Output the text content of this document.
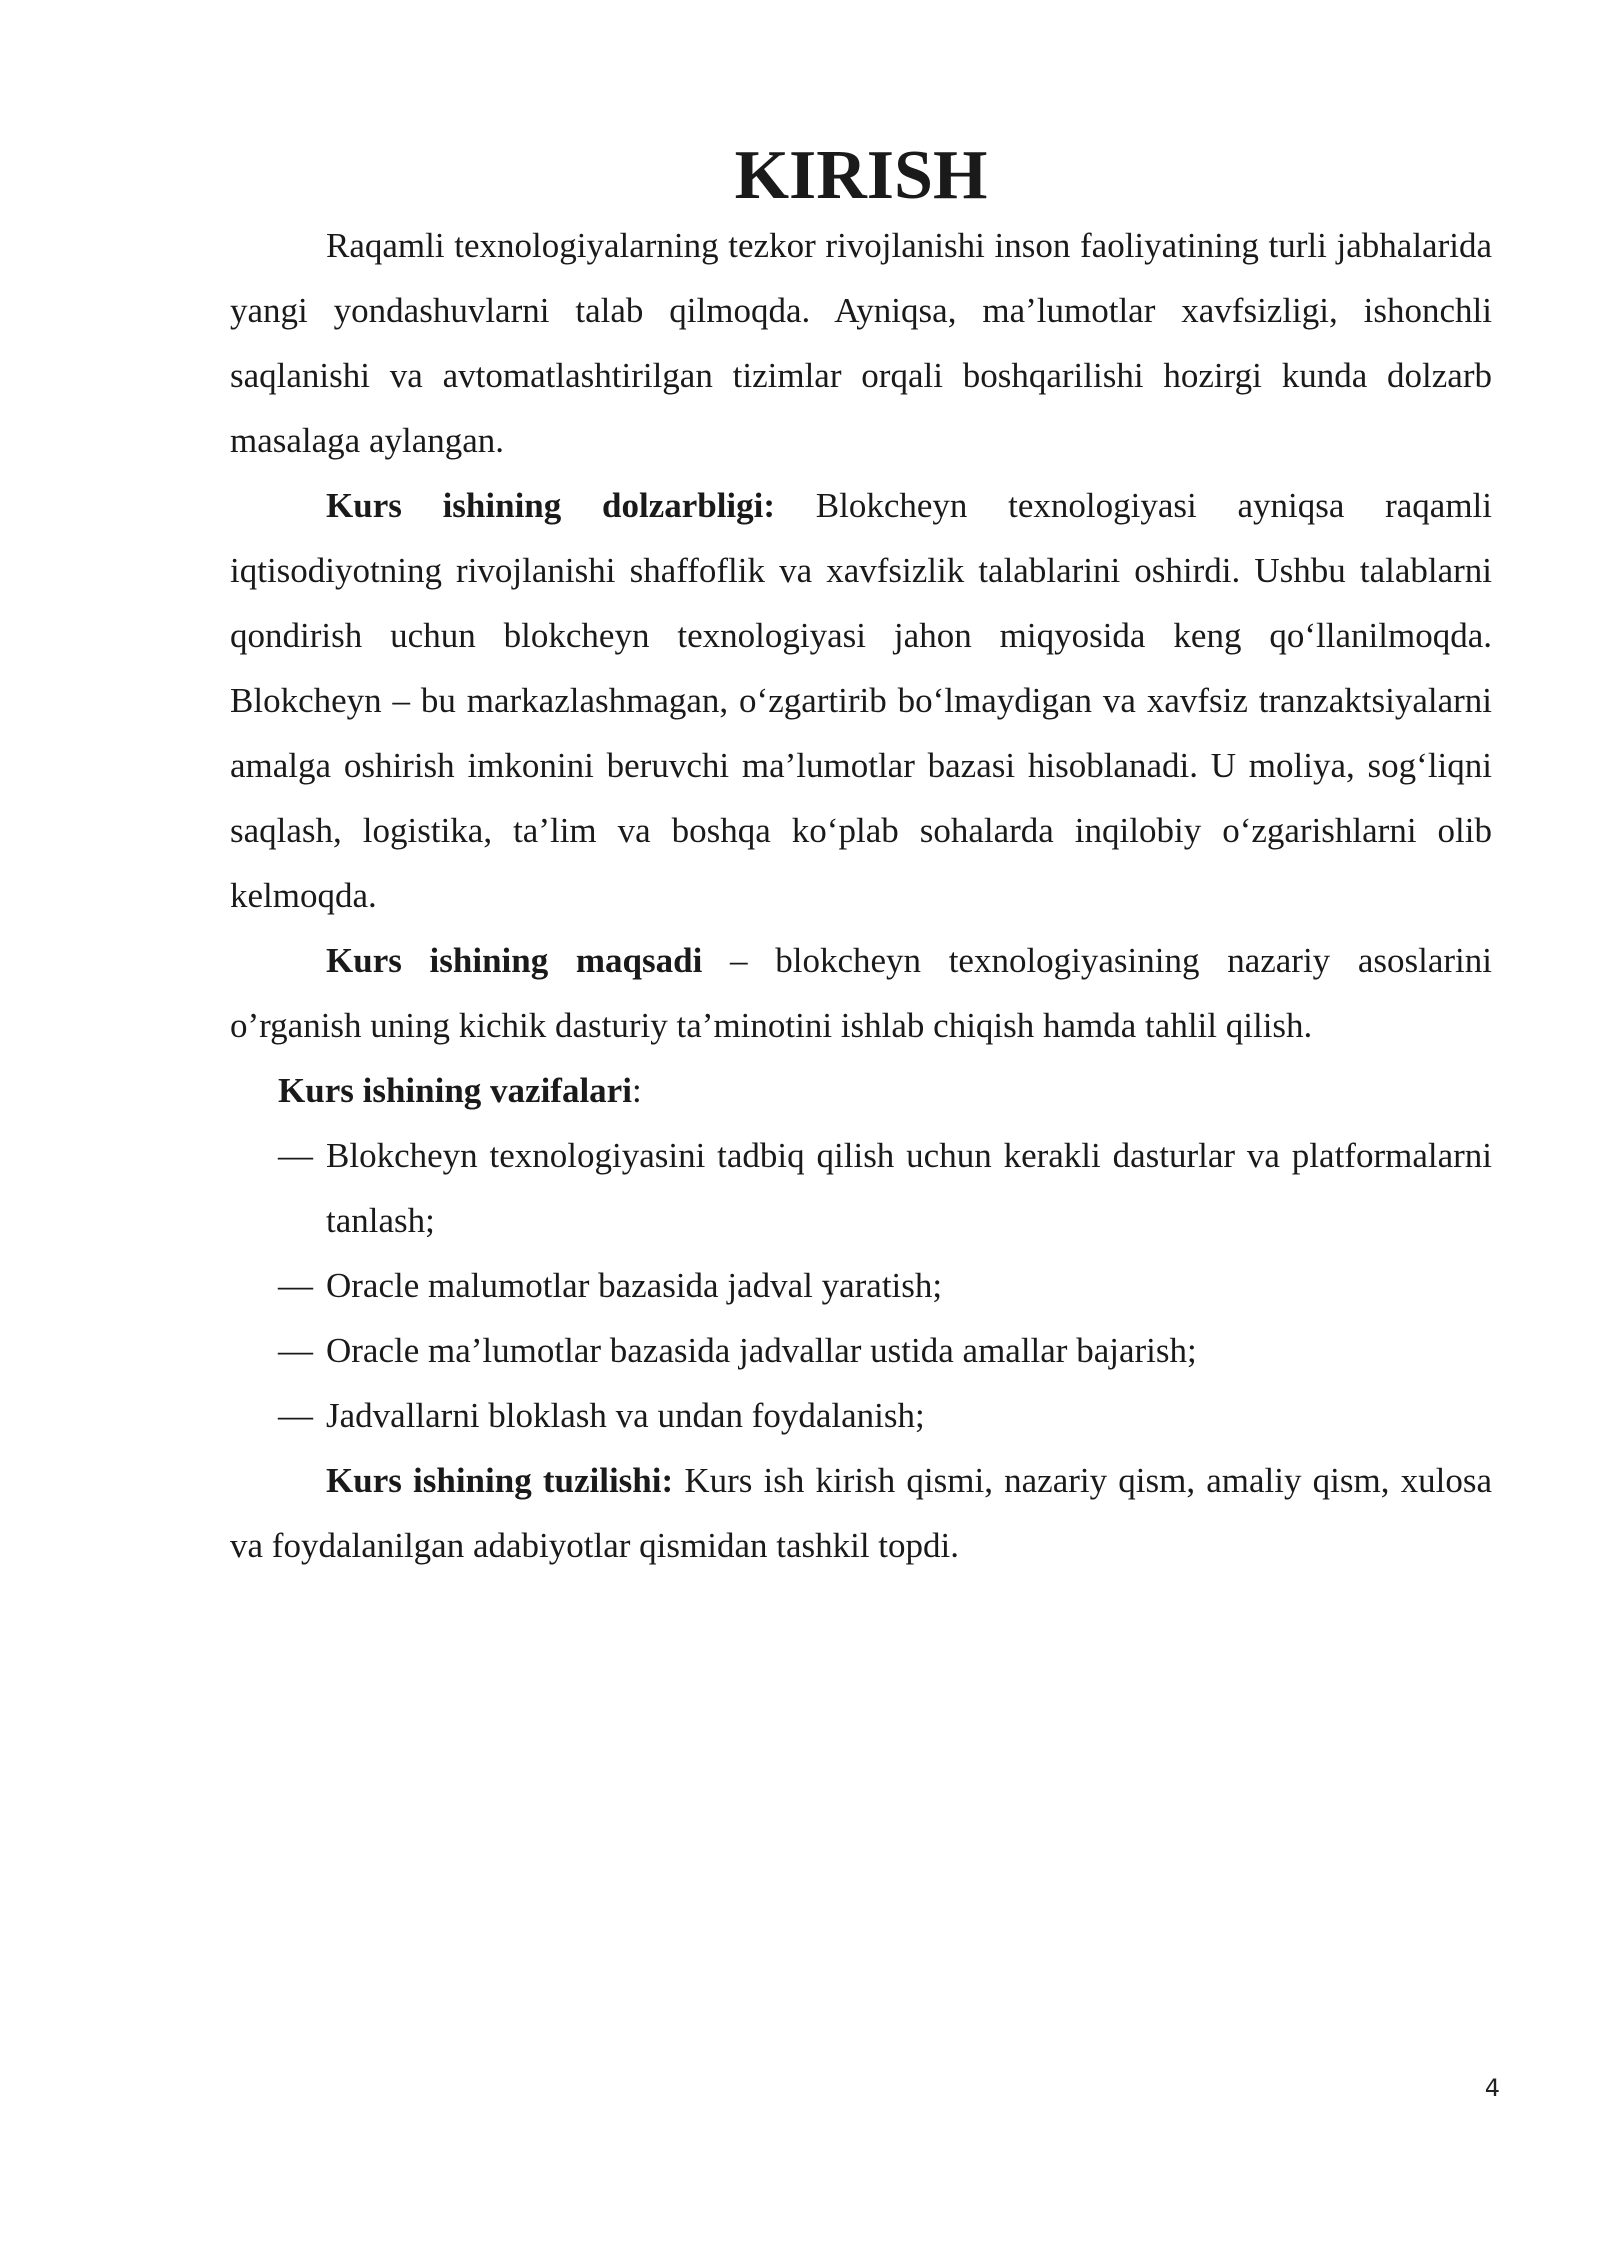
KIRISH

Raqamli texnologiyalarning tezkor rivojlanishi inson faoliyatining turli jabhalarida yangi yondashuvlarni talab qilmoqda. Ayniqsa, ma’lumotlar xavfsizligi, ishonchli saqlanishi va avtomatlashtirilgan tizimlar orqali boshqarilishi hozirgi kunda dolzarb masalaga aylangan.

Kurs ishining dolzarbligi: Blokcheyn texnologiyasi ayniqsa raqamli iqtisodiyotning rivojlanishi shaffoflik va xavfsizlik talablarini oshirdi. Ushbu talablarni qondirish uchun blokcheyn texnologiyasi jahon miqyosida keng qo‘llanilmoqda. Blokcheyn – bu markazlashmagan, o‘zgartirib bo‘lmaydigan va xavfsiz tranzaktsiyalarni amalga oshirish imkonini beruvchi ma’lumotlar bazasi hisoblanadi. U moliya, sog‘liqni saqlash, logistika, ta’lim va boshqa ko‘plab sohalarda inqilobiy o‘zgarishlarni olib kelmoqda.

Kurs ishining maqsadi – blokcheyn texnologiyasining nazariy asoslarini o’rganish uning kichik dasturiy ta’minotini ishlab chiqish hamda tahlil qilish.

Kurs ishining vazifalari:

— Blokcheyn texnologiyasini tadbiq qilish uchun kerakli dasturlar va platformalarni tanlash;
— Oracle malumotlar bazasida jadval yaratish;
— Oracle ma’lumotlar bazasida jadvallar ustida amallar bajarish;
— Jadvallarni bloklash va undan foydalanish;

Kurs ishining tuzilishi: Kurs ish kirish qismi, nazariy qism, amaliy qism, xulosa va foydalanilgan adabiyotlar qismidan tashkil topdi.

4
